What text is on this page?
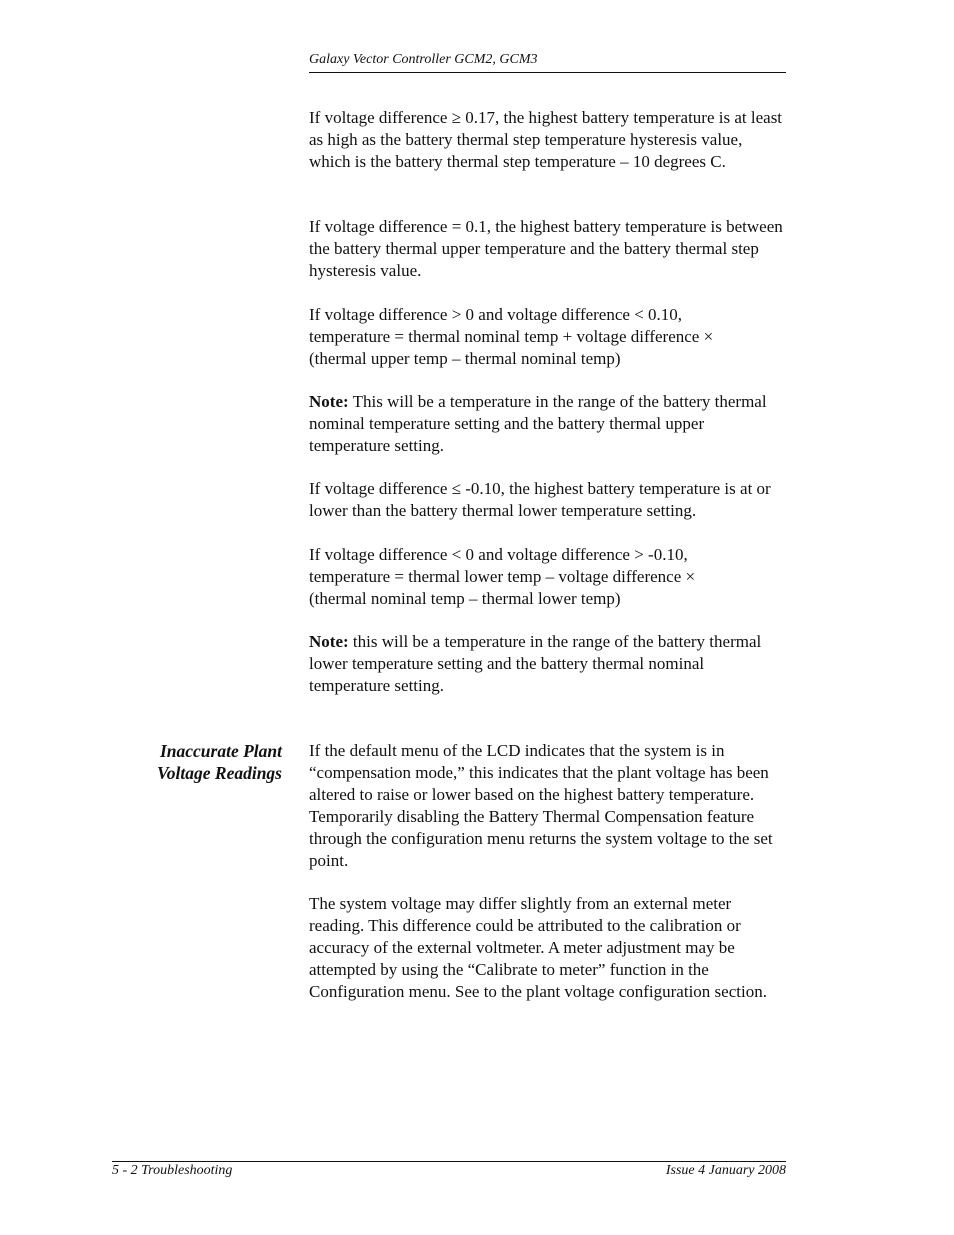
Galaxy Vector Controller GCM2, GCM3

If voltage difference ≥ 0.17, the highest battery temperature is at least as high as the battery thermal step temperature hysteresis value, which is the battery thermal step temperature – 10 degrees C.

If voltage difference = 0.1, the highest battery temperature is between the battery thermal upper temperature and the battery thermal step hysteresis value.

If voltage difference > 0 and voltage difference < 0.10,

temperature = thermal nominal temp + voltage difference ×

(thermal upper temp – thermal nominal temp)

Note: This will be a temperature in the range of the battery thermal nominal temperature setting and the battery thermal upper temperature setting.

If voltage difference ≤ -0.10, the highest battery temperature is at or lower than the battery thermal lower temperature setting.

If voltage difference < 0 and voltage difference > -0.10,

temperature = thermal lower temp – voltage difference ×

(thermal nominal temp – thermal lower temp)

Note: this will be a temperature in the range of the battery thermal lower temperature setting and the battery thermal nominal temperature setting.

Inaccurate Plant
Voltage Readings

If the default menu of the LCD indicates that the system is in “compensation mode,” this indicates that the plant voltage has been altered to raise or lower based on the highest battery temperature. Temporarily disabling the Battery Thermal Compensation feature through the configuration menu returns the system voltage to the set point.

The system voltage may differ slightly from an external meter reading. This difference could be attributed to the calibration or accuracy of the external voltmeter. A meter adjustment may be attempted by using the “Calibrate to meter” function in the Configuration menu. See to the plant voltage configuration section.

5 - 2 Troubleshooting	Issue 4 January 2008
